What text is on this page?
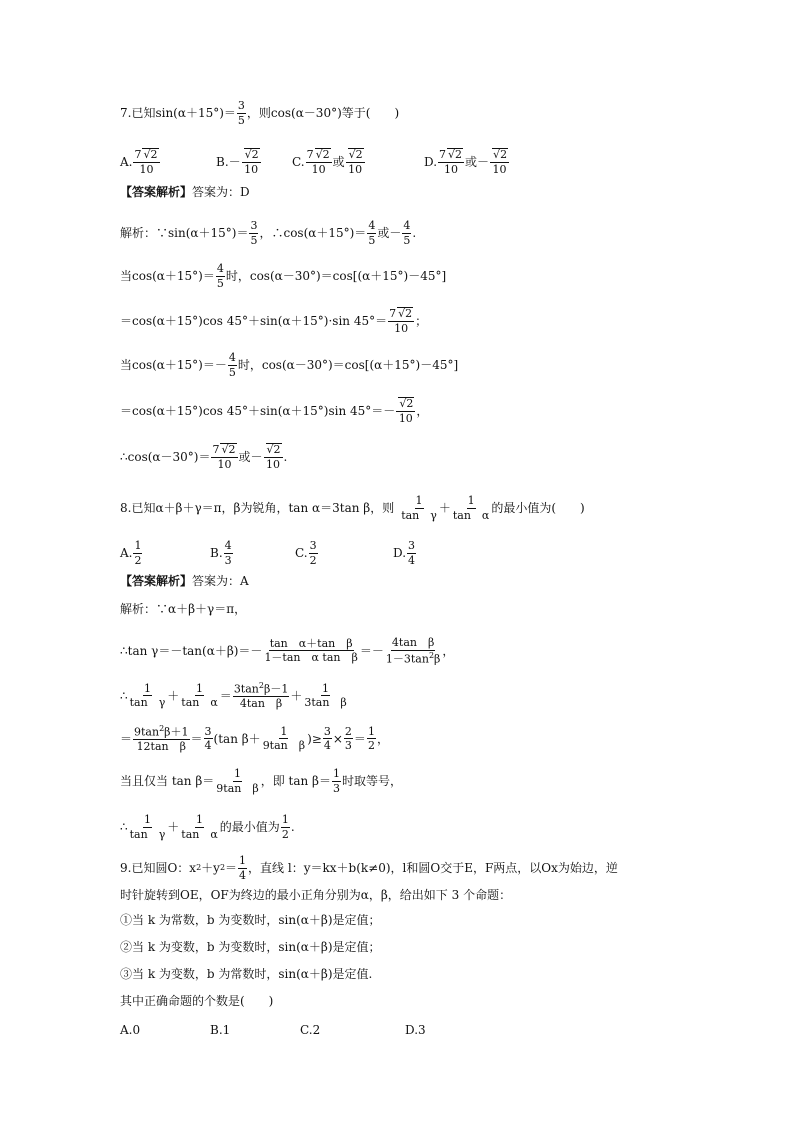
7.已知$\sin(\alpha+15^\circ)= \frac{3}{5}$ ，则cos(α－30°)等于(　　)
A.
7 √2
10
B.－
√2
10
C.
7 √2
10
或
√2
10
D.
7 √2
10
或－
√2
10
【答案解析】 答案为：D
解析：∵sin(α＋15°)＝ $\frac{3}{5}$ ，∴cos(α＋15°)＝ $\frac{4}{5}$ 或－ $\frac{4}{5}$ .
当$\cos(\alpha+15^\circ)= \frac{4}{5}$ 时，cos(α－30°)＝cos[(α＋15°)－45°]
＝cos(α＋15°)cos 45°＋sin(α＋15°)·sin 45°＝
7 √2
10
；
当$\cos(\alpha+15^\circ)=- \frac{4}{5}$ 时，cos(α－30°)＝cos[(α＋15°)－45°]
＝cos(α＋15°)cos 45°＋sin(α＋15°)sin 45°＝－
√2
10
，
∴cos(α－30°)＝
7 √2
10
或－
√2
10
.
8.已知α＋β＋γ＝π，β为锐角，tan α＝3tan β，则 $\frac{1}{\text{tan　γ}} + \frac{1}{\text{tan　α}}$ 的最小值为(　　)
A. $\frac{1}{2}$	B. $\frac{4}{3}$	C. $\frac{3}{2}$	D. $\frac{3}{4}$
【答案解析】 答案为：A
解析：∵α＋β＋γ＝π，
∴tan $\gamma=-\tan(\alpha+\beta)=- \frac{\text{tan　α＋tan　β}}{\text{1－tan　α tan　β}}$ ＝－
4tan　β
$1-3\tan^2\beta$
，
∴ $\frac{1}{\text{tan　γ}} + \frac{1}{\text{tan　α}} = 3\tan^2\beta-1$
4tan　β
＋ $\frac{1}{\text{3tan　β}}$
＝ $9\tan^2\beta+1$
12tan　β
＝ $\frac{3}{4} (\tan$ $\beta+ \frac{1}{\text{9tan　β}}$ )≥ $\frac{3}{4} \times \frac{2}{3} = \frac{1}{2}$ ，
当且仅当 $\tan \beta= \frac{1}{\text{9tan　β}}$ ，即 $\tan \beta= \frac{1}{3}$ 时取等号，
∴ $\frac{1}{\text{tan　γ}} + \frac{1}{\text{tan　α}}$ 的最小值为 $\frac{1}{2}$ .
9.已知圆O：x 2 ＋y $2 = \frac{1}{4}$ ，直线 l：y＝kx＋b(k≠0)，l和圆O交于E，F两点，以Ox为始边，逆
时针旋转到OE，OF为终边的最小正角分别为α，β，给出如下 3 个命题：
①当 k 为常数，b 为变数时，sin(α＋β)是定值；
②当 k 为变数，b 为变数时，sin(α＋β)是定值；
③当 k 为变数，b 为常数时，sin(α＋β)是定值.
其中正确命题的个数是(　　)
A.0	B.1	C.2	D.3
